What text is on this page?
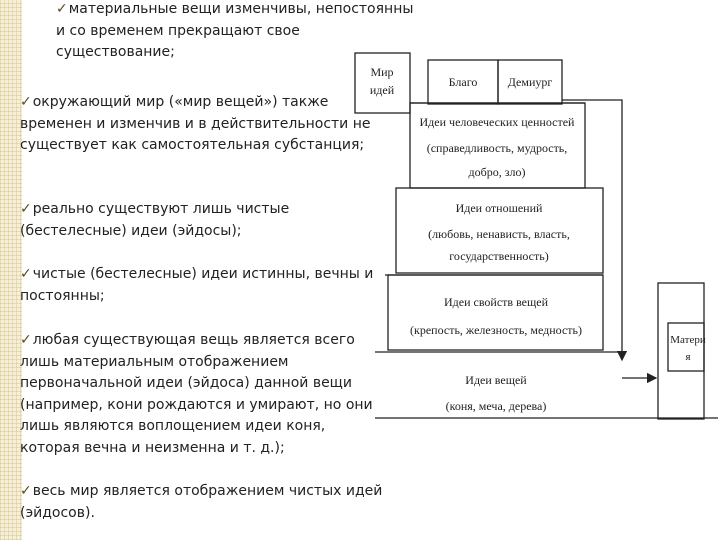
✓материальные вещи изменчивы, непостоянны и со временем прекращают свое существование;
✓окружающий мир («мир вещей») также временен и изменчив и в действительности не существует как самостоятельная субстанция;
✓реально существуют лишь чистые (бестелесные) идеи (эйдосы);
✓чистые (бестелесные) идеи истинны, вечны и постоянны;
✓любая существующая вещь является всего лишь материальным отображением первоначальной идеи (эйдоса) данной вещи (например, кони рождаются и умирают, но они лишь являются воплощением идеи коня, которая вечна и неизменна и т. д.);
✓весь мир является отображением чистых идей (эйдосов).
Мир
идей
Благо	Демиург
Идеи человеческих ценностей
(справедливость, мудрость,
добро, зло)
Идеи отношений
(любовь, ненависть, власть,
государственность)
Идеи свойств вещей
(крепость, железность, медность)
Идеи вещей
(коня, меча, дерева)
Матери
я
